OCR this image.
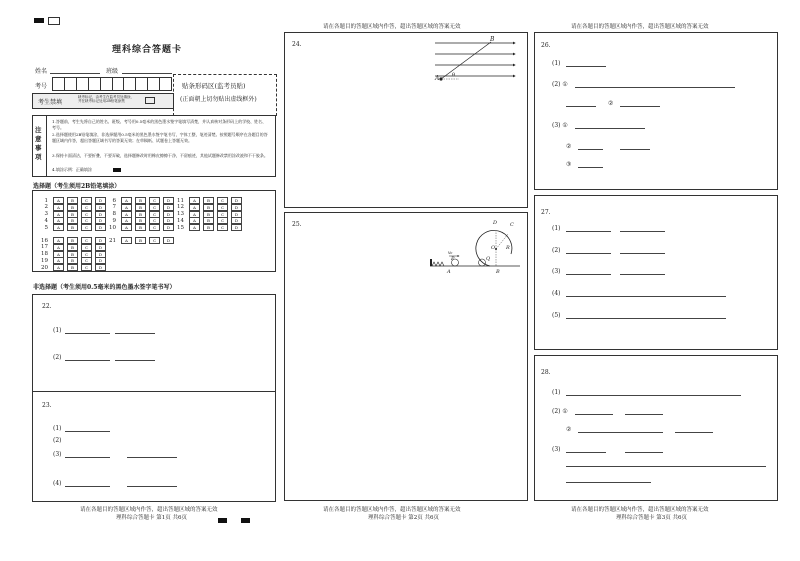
理科综合答题卡
姓名	班级
考号
考生禁填
缺考标记，由考生在监考员处填涂，并在缺考标记处用2B铅笔涂黑
贴条形码区(监考员贴)
(正面朝上切勿贴出虚线框外)
注意事项
1.答题前，考生先将自己的姓名、班级、考号用0.5毫米的黑色墨水签字笔填写清楚，并认真核对条形码上的学校、姓名、考号。
2.选择题使用2B铅笔填涂，非选择题用0.5毫米的黑色墨水签字笔书写，字体工整，笔迹清楚。按照题号顺序在各题目的答题区域内作答，超出答题区域书写的答案无效；在草稿纸、试题卷上答题无效。
3.保持卡面清洁，不要折叠，不要弄破，选择题修改时用橡皮擦擦干净，不留痕迹，其他试题修改禁用涂改液和不干胶条。
4.填涂示例：正确填涂
选择题（考生须用2B铅笔填涂）
1	A	B	C	D
2	A	B	C	D
3	A	B	C	D
4	A	B	C	D
5	A	B	C	D
6	A	B	C	D
7	A	B	C	D
8	A	B	C	D
9	A	B	C	D
10	A	B	C	D
11	A	B	C	D
12	A	B	C	D
13	A	B	C	D
14	A	B	C	D
15	A	B	C	D
16	A	B	C	D
17	A	B	C	D
18	A	B	C	D
19	A	B	C	D
20	A	B	C	D
21	A	B	C	D
非选择题（考生须用0.5毫米的黑色墨水签字笔书写）
22.
(1)
(2)
23.
(1)
(2)
(3)
(4)
请在各题目的答题区域内作答，超出答题区域的答案无效
理科综合答题卡 第1页 共6页
请在各题目的答题区域内作答，超出答题区域的答案无效
24.
B
A	θ
25.	D	C
O R
v₀
P	Q
A	B
请在各题目的答题区域内作答，超出答题区域的答案无效
理科综合答题卡 第2页 共6页
请在各题目的答题区域内作答，超出答题区域的答案无效
26.
(1)
(2) ①
②
(3) ①
②
③
27.
(1)
(2)
(3)
(4)
(5)
28.
(1)
(2) ①
②
(3)
请在各题目的答题区域内作答，超出答题区域的答案无效
理科综合答题卡 第3页 共6页
